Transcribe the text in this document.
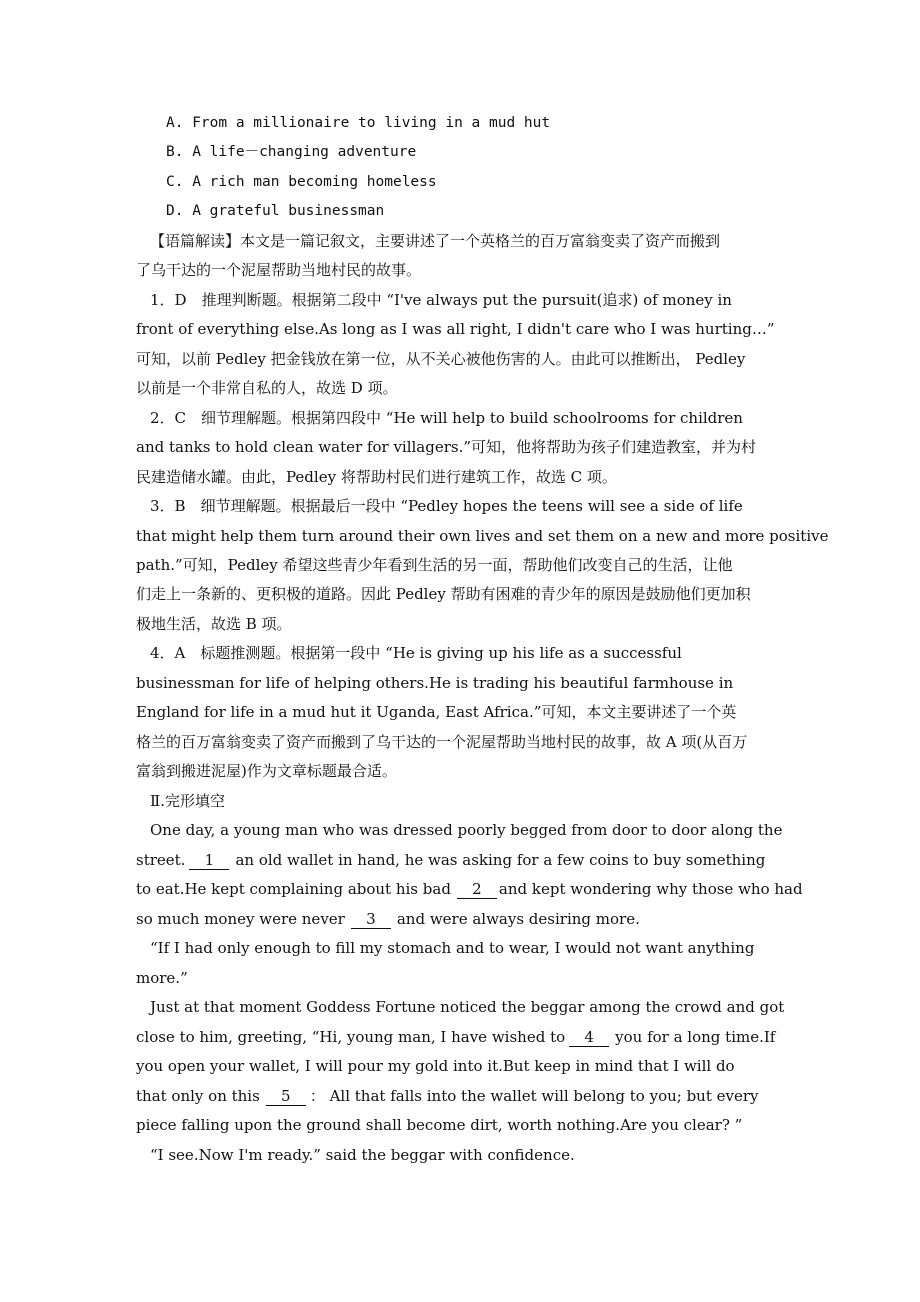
A. From a millionaire to living in a mud hut
B. A life－changing adventure
C. A rich man becoming homeless
D. A grateful businessman
【语篇解读】本文是一篇记叙文，主要讲述了一个英格兰的百万富翁变卖了资产而搬到
了乌干达的一个泥屋帮助当地村民的故事。
1．D　推理判断题。根据第二段中 “I've always put the pursuit(追求) of money in
front of everything else.As long as I was all right, I didn't care who I was hurting…”
可知，以前 Pedley 把金钱放在第一位，从不关心被他伤害的人。由此可以推断出， Pedley
以前是一个非常自私的人，故选 D 项。
2．C　细节理解题。根据第四段中 “He will help to build schoolrooms for children
and tanks to hold clean water for villagers.”可知，他将帮助为孩子们建造教室，并为村
民建造储水罐。由此，Pedley 将帮助村民们进行建筑工作，故选 C 项。
3．B　细节理解题。根据最后一段中 “Pedley hopes the teens will see a side of life
that might help them turn around their own lives and set them on a new and more positive
path.”可知，Pedley 希望这些青少年看到生活的另一面，帮助他们改变自己的生活，让他
们走上一条新的、更积极的道路。因此 Pedley 帮助有困难的青少年的原因是鼓励他们更加积
极地生活，故选 B 项。
4．A　标题推测题。根据第一段中 “He is giving up his life as a successful
businessman for life of helping others.He is trading his beautiful farmhouse in
England for life in a mud hut it Uganda, East Africa.”可知，本文主要讲述了一个英
格兰的百万富翁变卖了资产而搬到了乌干达的一个泥屋帮助当地村民的故事，故 A 项(从百万
富翁到搬进泥屋)作为文章标题最合适。
Ⅱ.完形填空
One day, a young man who was dressed poorly begged from door to door along the
street. 1 an old wallet in hand, he was asking for a few coins to buy something
to eat.He kept complaining about his bad 2 and kept wondering why those who had
so much money were never 3 and were always desiring more.
“If I had only enough to fill my stomach and to wear, I would not want anything
more.”
Just at that moment Goddess Fortune noticed the beggar among the crowd and got
close to him, greeting, “Hi, young man, I have wished to 4 you for a long time.If
you open your wallet, I will pour my gold into it.But keep in mind that I will do
that only on this 5 ： All that falls into the wallet will belong to you; but every
piece falling upon the ground shall become dirt, worth nothing.Are you clear? ”
“I see.Now I'm ready.” said the beggar with confidence.
